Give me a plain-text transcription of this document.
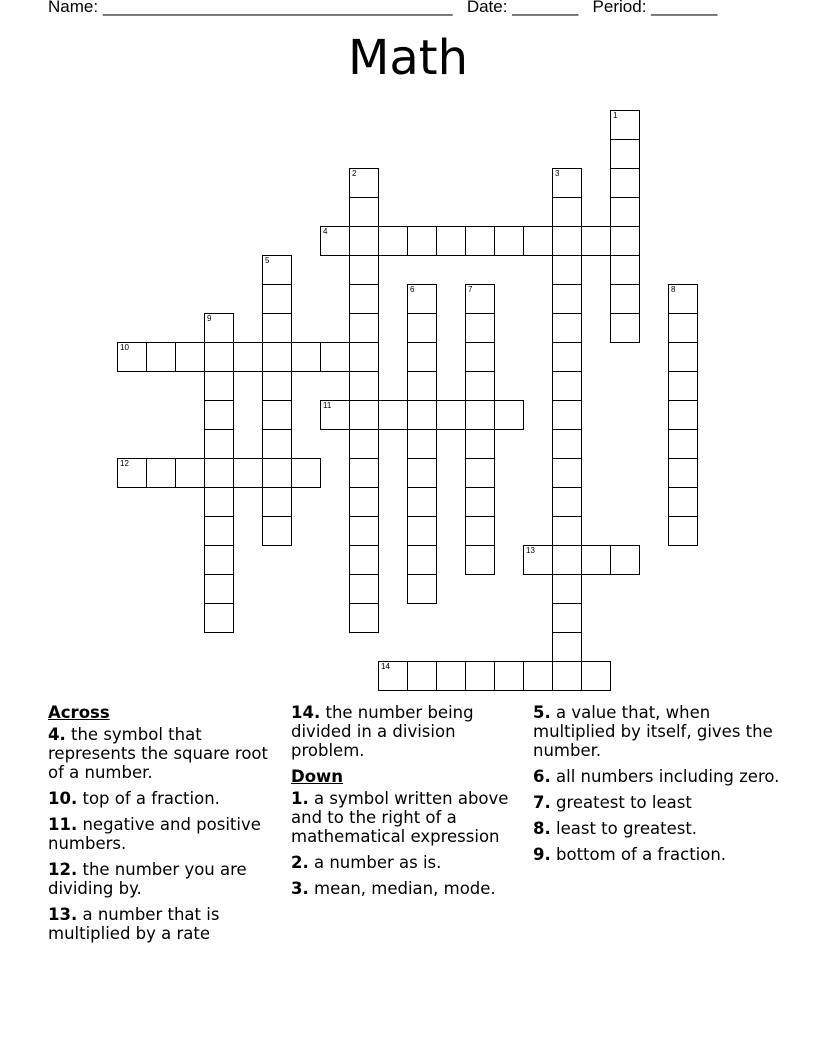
Name: _____________________________________ Date: _______ Period: _______
Math
1
2	3
4
5
6	7	8
9
10
11
12
13
14
Across
4. the symbol that represents the square root of a number.
10. top of a fraction.
11. negative and positive numbers.
12. the number you are dividing by.
13. a number that is multiplied by a rate
14. the number being divided in a division problem.
Down
1. a symbol written above and to the right of a mathematical expression
2. a number as is.
3. mean, median, mode.
5. a value that, when multiplied by itself, gives the number.
6. all numbers including zero.
7. greatest to least
8. least to greatest.
9. bottom of a fraction.
